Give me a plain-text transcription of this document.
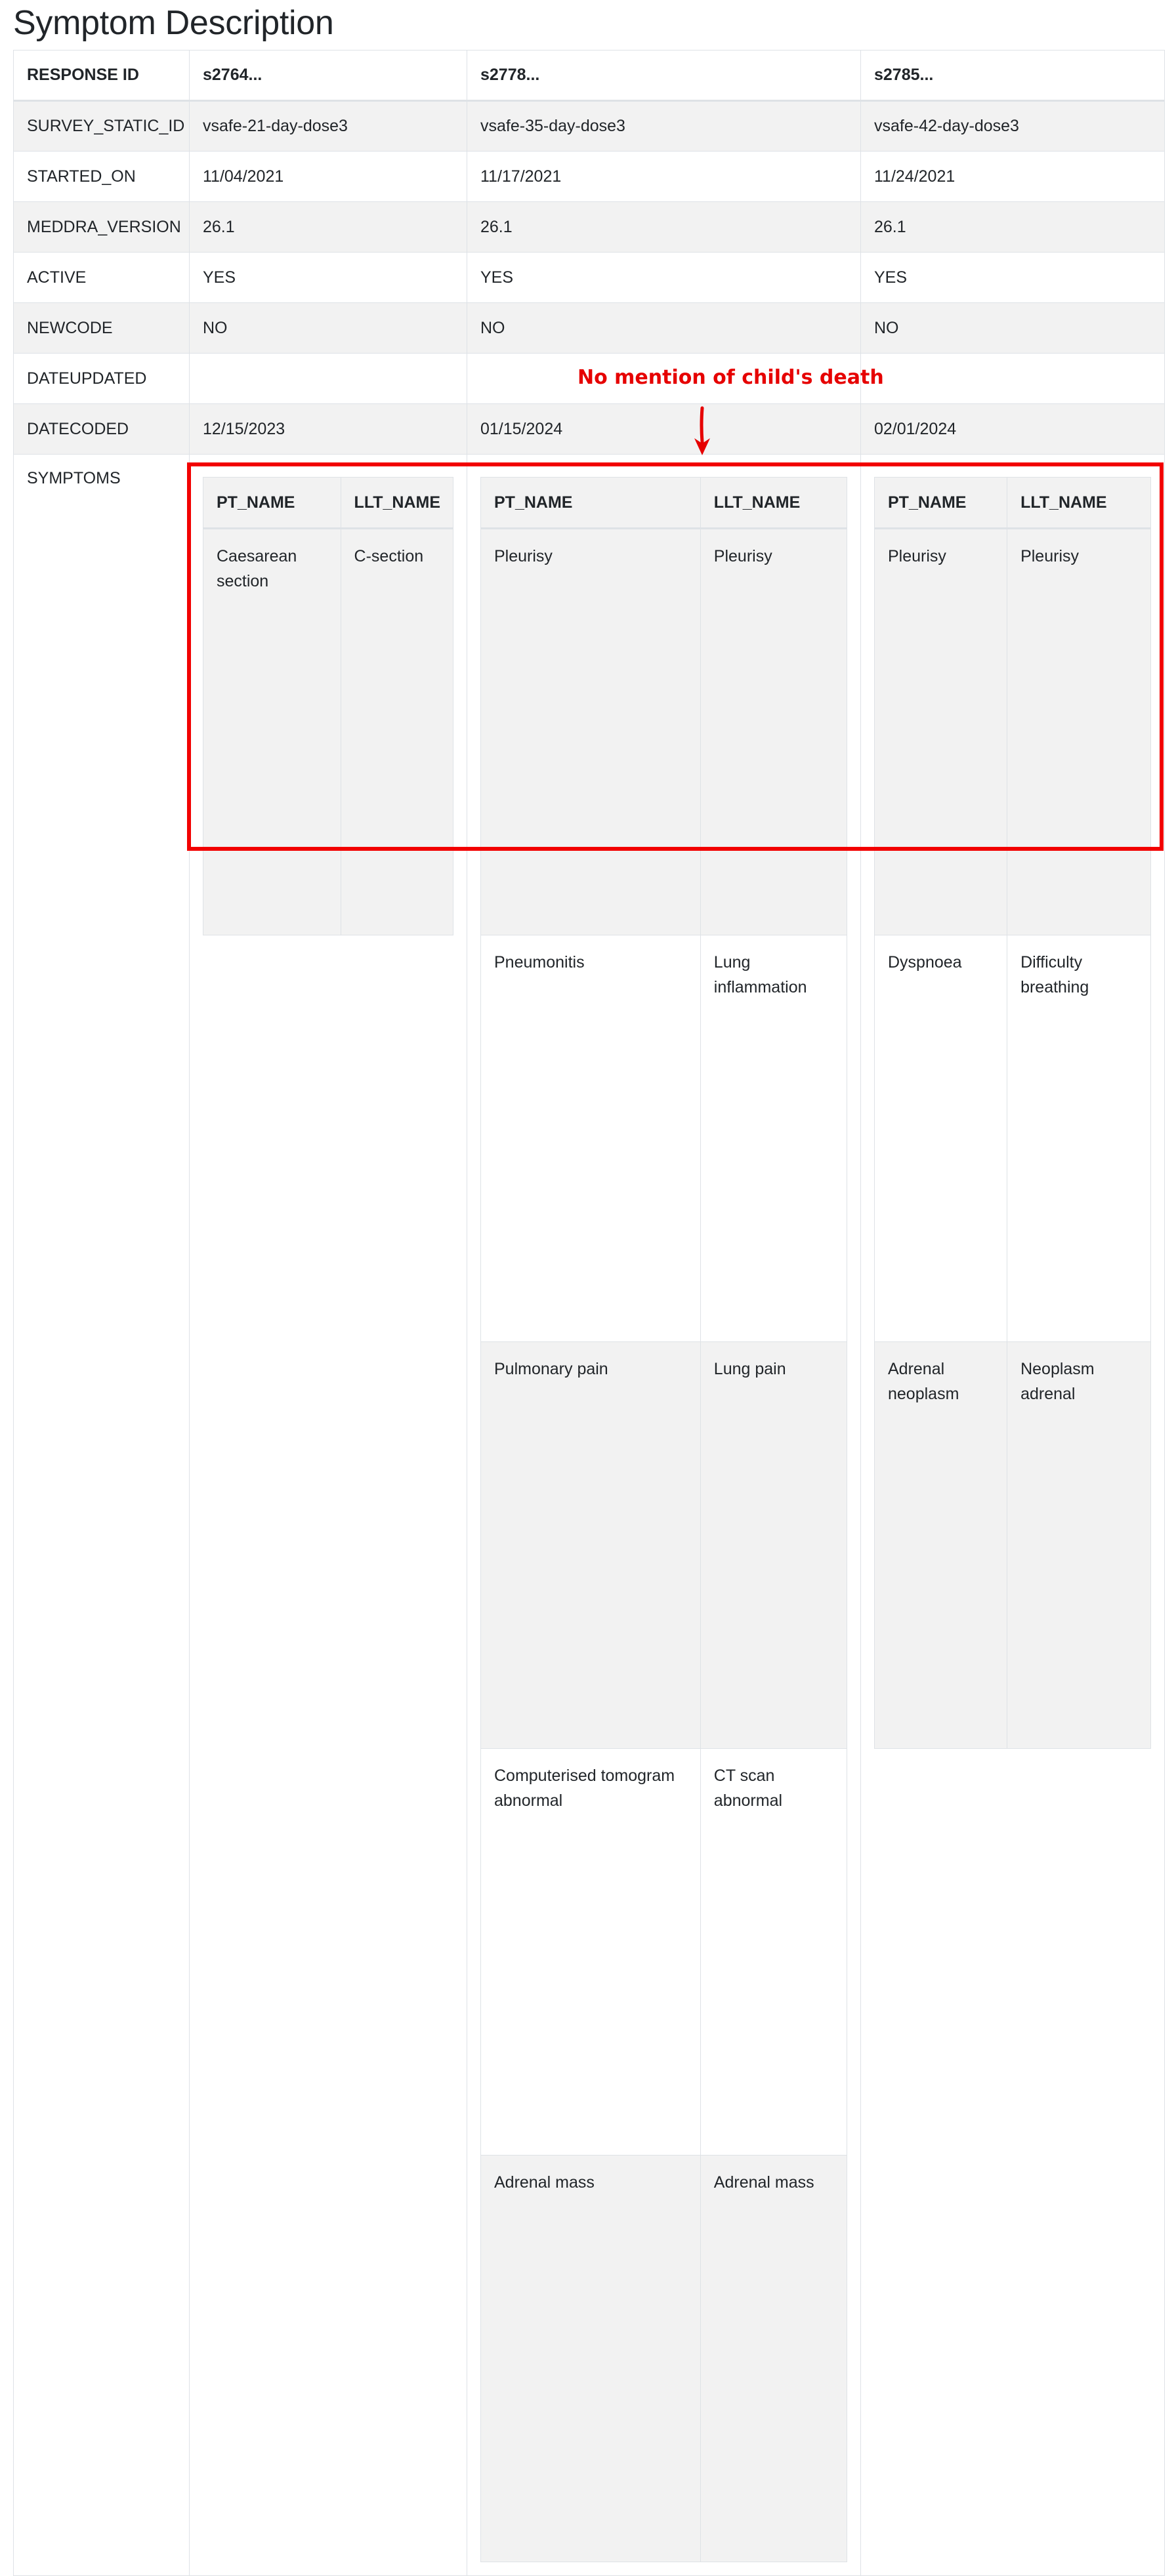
Symptom Description
RESPONSE ID	s2764...	s2778...	s2785...
SURVEY_STATIC_ID	vsafe-21-day-dose3	vsafe-35-day-dose3	vsafe-42-day-dose3
STARTED_ON	11/04/2021	11/17/2021	11/24/2021
MEDDRA_VERSION	26.1	26.1	26.1
ACTIVE	YES	YES	YES
NEWCODE	NO	NO	NO
DATEUPDATED			
DATECODED	12/15/2023	01/15/2024	02/01/2024
SYMPTOMS	
PT_NAME	LLT_NAME
Caesarean section	C-section

PT_NAME	LLT_NAME
Pleurisy	Pleurisy
Pneumonitis	Lung inflammation
Pulmonary pain	Lung pain
Computerised tomogram abnormal	CT scan abnormal
Adrenal mass	Adrenal mass

PT_NAME	LLT_NAME
Pleurisy	Pleurisy
Dyspnoea	Difficulty breathing
Adrenal neoplasm	Neoplasm adrenal
No mention of child's death
